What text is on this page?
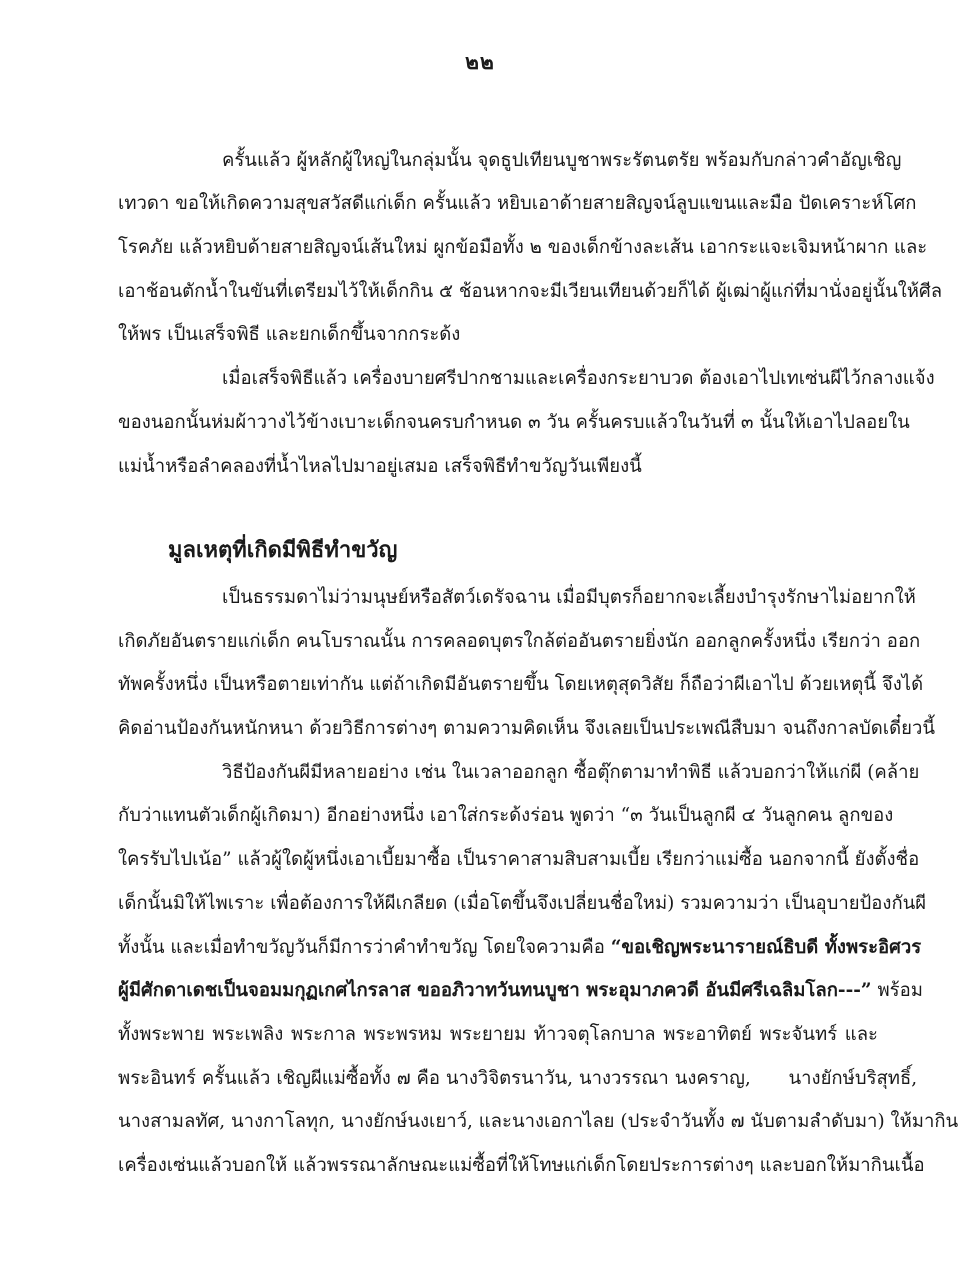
๒๒
ครั้นแล้ว ผู้หลักผู้ใหญ่ในกลุ่มนั้น จุดธูปเทียนบูชาพระรัตนตรัย พร้อมกับกล่าวคำอัญเชิญ
เทวดา ขอให้เกิดความสุขสวัสดีแก่เด็ก ครั้นแล้ว หยิบเอาด้ายสายสิญจน์ลูบแขนและมือ ปัดเคราะห์โศก
โรคภัย แล้วหยิบด้ายสายสิญจน์เส้นใหม่ ผูกข้อมือทั้ง ๒ ของเด็กข้างละเส้น เอากระแจะเจิมหน้าผาก และ
เอาช้อนตักน้ำในขันที่เตรียมไว้ให้เด็กกิน ๕ ช้อนหากจะมีเวียนเทียนด้วยก็ได้ ผู้เฒ่าผู้แก่ที่มานั่งอยู่นั้นให้ศีล
ให้พร เป็นเสร็จพิธี และยกเด็กขึ้นจากกระด้ง
เมื่อเสร็จพิธีแล้ว เครื่องบายศรีปากชามและเครื่องกระยาบวด ต้องเอาไปเทเซ่นผีไว้กลางแจ้ง
ของนอกนั้นห่มผ้าวางไว้ข้างเบาะเด็กจนครบกำหนด ๓ วัน ครั้นครบแล้วในวันที่ ๓ นั้นให้เอาไปลอยใน
แม่น้ำหรือลำคลองที่น้ำไหลไปมาอยู่เสมอ เสร็จพิธีทำขวัญวันเพียงนี้
มูลเหตุที่เกิดมีพิธีทำขวัญ
เป็นธรรมดาไม่ว่ามนุษย์หรือสัตว์เดรัจฉาน เมื่อมีบุตรก็อยากจะเลี้ยงบำรุงรักษาไม่อยากให้
เกิดภัยอันตรายแก่เด็ก คนโบราณนั้น การคลอดบุตรใกล้ต่ออันตรายยิ่งนัก ออกลูกครั้งหนึ่ง เรียกว่า ออก
ทัพครั้งหนึ่ง เป็นหรือตายเท่ากัน แต่ถ้าเกิดมีอันตรายขึ้น โดยเหตุสุดวิสัย ก็ถือว่าผีเอาไป ด้วยเหตุนี้ จึงได้
คิดอ่านป้องกันหนักหนา ด้วยวิธีการต่างๆ ตามความคิดเห็น จึงเลยเป็นประเพณีสืบมา จนถึงกาลบัดเดี๋ยวนี้
วิธีป้องกันผีมีหลายอย่าง เช่น ในเวลาออกลูก ซื้อตุ๊กตามาทำพิธี แล้วบอกว่าให้แก่ผี (คล้าย
กับว่าแทนตัวเด็กผู้เกิดมา) อีกอย่างหนึ่ง เอาใส่กระด้งร่อน พูดว่า “๓ วันเป็นลูกผี ๔ วันลูกคน ลูกของ
ใครรับไปเน้อ” แล้วผู้ใดผู้หนึ่งเอาเบี้ยมาซื้อ เป็นราคาสามสิบสามเบี้ย เรียกว่าแม่ซื้อ นอกจากนี้ ยังตั้งชื่อ
เด็กนั้นมิให้ไพเราะ เพื่อต้องการให้ผีเกลียด (เมื่อโตขึ้นจึงเปลี่ยนชื่อใหม่) รวมความว่า เป็นอุบายป้องกันผี
ทั้งนั้น และเมื่อทำขวัญวันก็มีการว่าคำทำขวัญ โดยใจความคือ “ขอเชิญพระนารายณ์ธิบดี ทั้งพระอิศวร
ผู้มีศักดาเดชเป็นจอมมกุฏเกศไกรลาส ขออภิวาทวันทนบูชา พระอุมาภควดี อันมีศรีเฉลิมโลก---” พร้อม
ทั้งพระพาย พระเพลิง พระกาล พระพรหม พระยายม ท้าวจตุโลกบาล พระอาทิตย์ พระจันทร์ และ
พระอินทร์ ครั้นแล้ว เชิญผีแม่ซื้อทั้ง ๗ คือ นางวิจิตรนาวัน, นางวรรณา นงคราญ, นางยักษ์บริสุทธิ์,
นางสามลทัศ, นางกาโลทุก, นางยักษ์นงเยาว์, และนางเอกาไลย (ประจำวันทั้ง ๗ นับตามลำดับมา) ให้มากิน
เครื่องเซ่นแล้วบอกให้ แล้วพรรณาลักษณะแม่ซื้อที่ให้โทษแก่เด็กโดยประการต่างๆ และบอกให้มากินเนื้อ
